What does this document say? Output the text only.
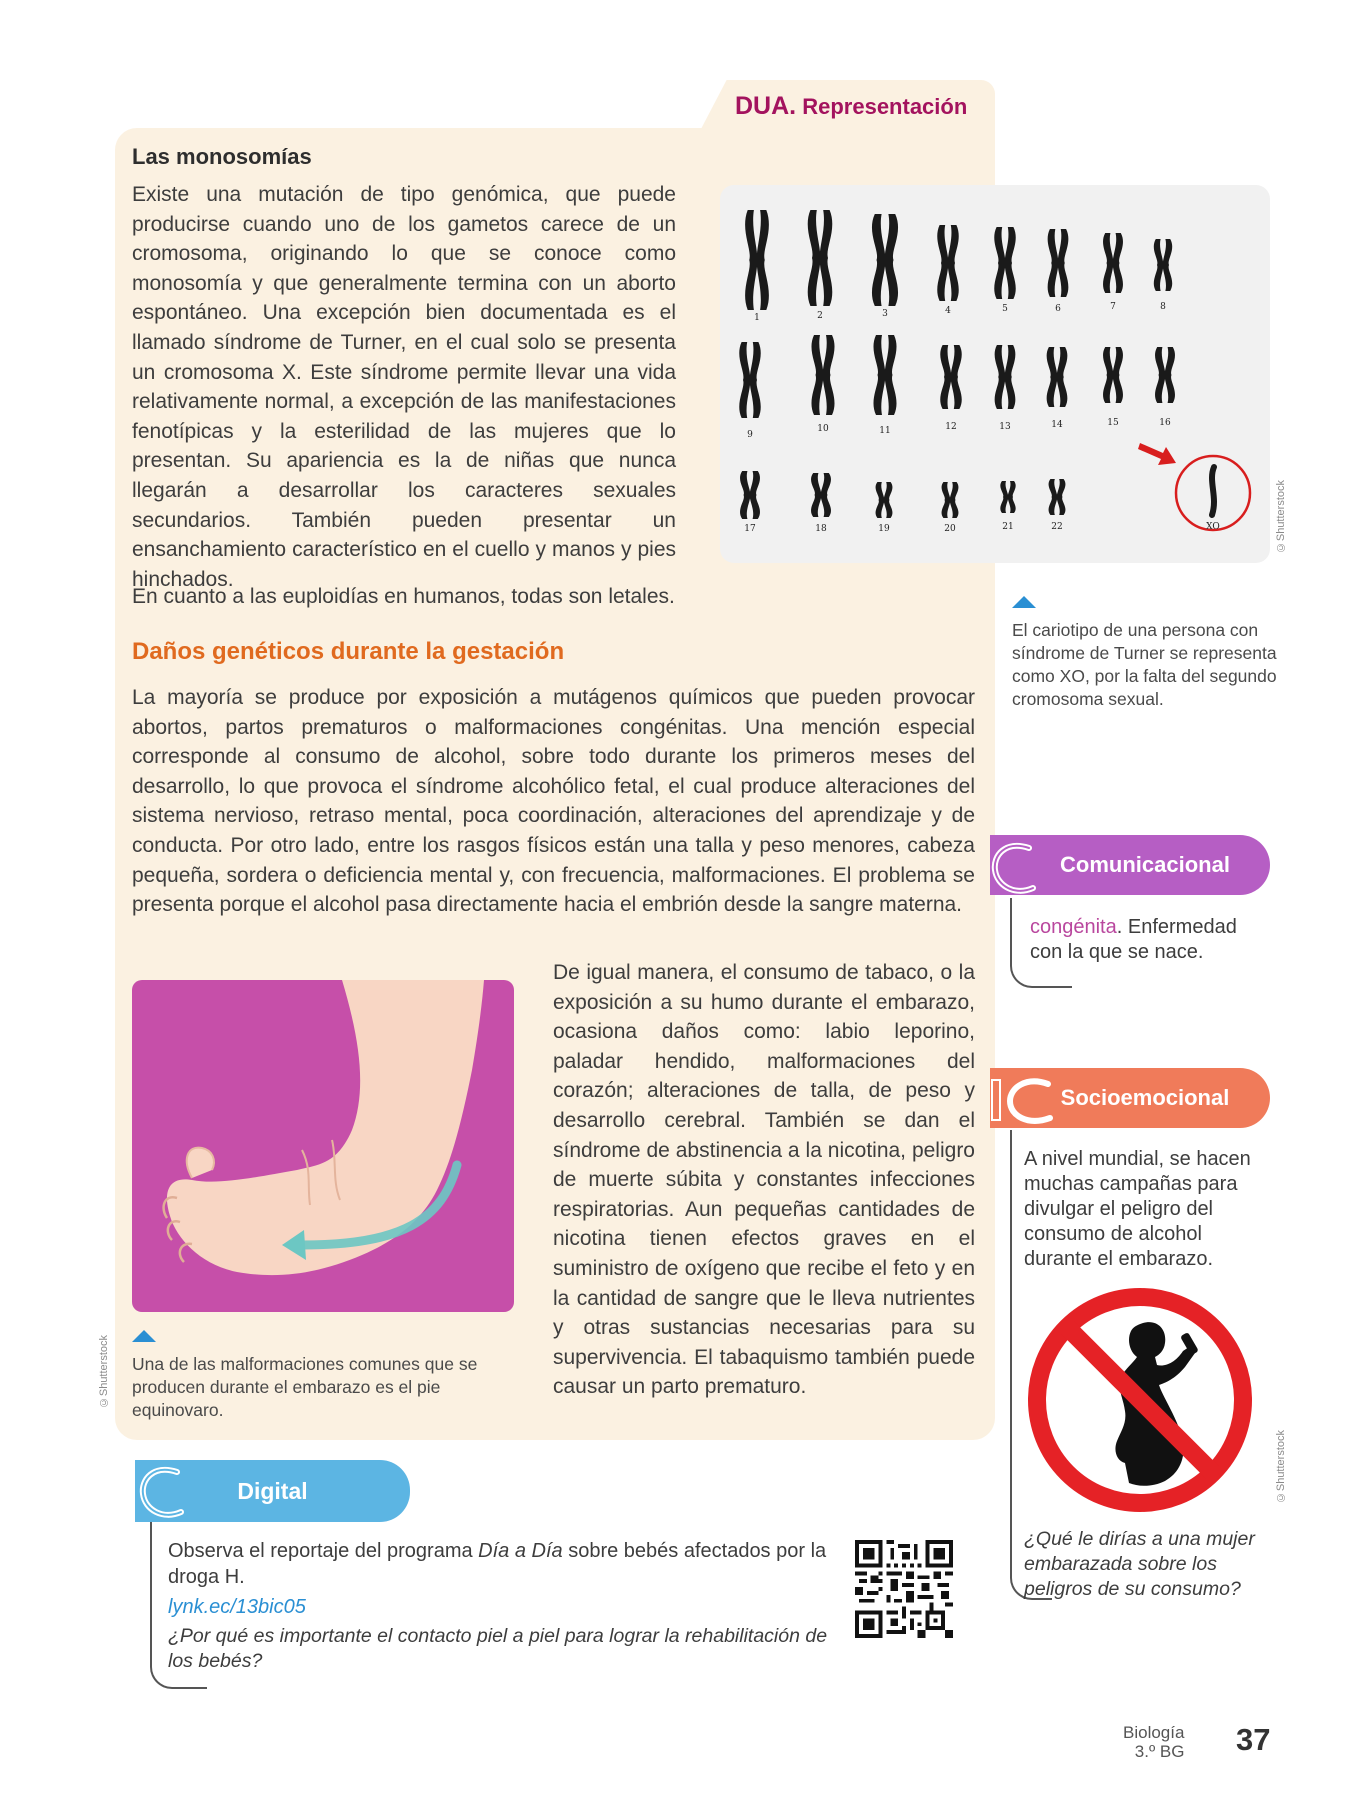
DUA. Representación
Las monosomías
Existe una mutación de tipo genómica, que puede producirse cuando uno de los gametos carece de un cromosoma, originando lo que se conoce como monosomía y que generalmente termina con un aborto espontáneo. Una excepción bien documentada es el llamado síndrome de Turner, en el cual solo se presenta un cromosoma X. Este síndrome permite llevar una vida relativamente normal, a excepción de las manifestaciones fenotípicas y la esterilidad de las mujeres que lo presentan. Su apariencia es la de niñas que nunca llegarán a desarrollar los caracteres sexuales secundarios. También pueden presentar un ensanchamiento característico en el cuello y manos y pies hinchados.
En cuanto a las euploidías en humanos, todas son letales.
Daños genéticos durante la gestación
La mayoría se produce por exposición a mutágenos químicos que pueden provocar abortos, partos prematuros o malformaciones congénitas. Una mención especial corresponde al consumo de alcohol, sobre todo durante los primeros meses del desarrollo, lo que provoca el síndrome alcohólico fetal, el cual produce alteraciones del sistema nervioso, retraso mental, poca coordinación, alteraciones del aprendizaje y de conducta. Por otro lado, entre los rasgos físicos están una talla y peso menores, cabeza pequeña, sordera o deficiencia mental y, con frecuencia, malformaciones. El problema se presenta porque el alcohol pasa directamente hacia el embrión desde la sangre materna.
1	2	3	4	5	6	7	8
9
10	11	12	13	14	15	16
17	18	19	20	21	22	XO	©Shutterstock
El cariotipo de una persona con síndrome de Turner se representa como XO, por la falta del segundo cromosoma sexual.
©Shutterstock Una de las malformaciones comunes que se producen durante el embarazo es el pie equinovaro.
De igual manera, el consumo de tabaco, o la exposición a su humo durante el embarazo, ocasiona daños como: labio leporino, paladar hendido, malformaciones del corazón; alteraciones de talla, de peso y desarrollo cerebral. También se dan el síndrome de abstinencia a la nicotina, peligro de muerte súbita y constantes infecciones respiratorias. Aun pequeñas cantidades de nicotina tienen efectos graves en el suministro de oxígeno que recibe el feto y en la cantidad de sangre que le lleva nutrientes y otras sustancias necesarias para su supervivencia. El tabaquismo también puede causar un parto prematuro.
Comunicacional
congénita. Enfermedad con la que se nace.
Socioemocional
A nivel mundial, se hacen muchas campañas para divulgar el peligro del consumo de alcohol durante el embarazo.
©Shutterstock
¿Qué le dirías a una mujer embarazada sobre los peligros de su consumo?
Digital
Observa el reportaje del programa Día a Día sobre bebés afectados por la droga H.
lynk.ec/13bic05
¿Por qué es importante el contacto piel a piel para lograr la rehabilitación de los bebés?
Biología
3.º BG 37
